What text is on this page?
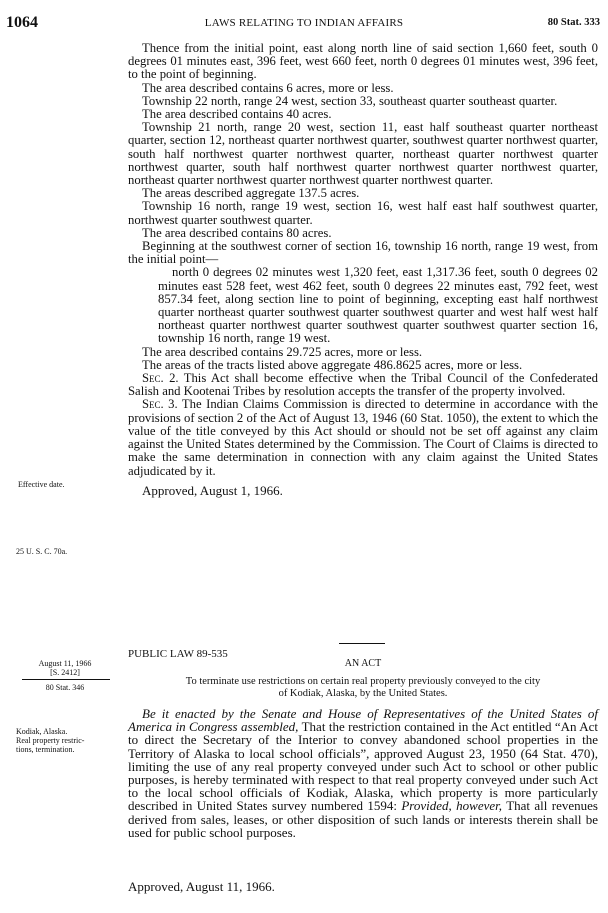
1064	LAWS RELATING TO INDIAN AFFAIRS	80 Stat. 333

Thence from the initial point, east along north line of said section 1,660 feet, south 0 degrees 01 minutes east, 396 feet, west 660 feet, north 0 degrees 01 minutes west, 396 feet, to the point of beginning.

The area described contains 6 acres, more or less.

Township 22 north, range 24 west, section 33, southeast quarter southeast quarter.

The area described contains 40 acres.

Township 21 north, range 20 west, section 11, east half southeast quarter northeast quarter, section 12, northeast quarter northwest quarter, southwest quarter northwest quarter, south half northwest quarter northwest quarter, northeast quarter northwest quarter northwest quarter, south half northwest quarter northwest quarter northwest quarter, northeast quarter northwest quarter northwest quarter northwest quarter.

The areas described aggregate 137.5 acres.

Township 16 north, range 19 west, section 16, west half east half southwest quarter, northwest quarter southwest quarter.

The area described contains 80 acres.

Beginning at the southwest corner of section 16, township 16 north, range 19 west, from the initial point—

north 0 degrees 02 minutes west 1,320 feet, east 1,317.36 feet, south 0 degrees 02 minutes east 528 feet, west 462 feet, south 0 degrees 22 minutes east, 792 feet, west 857.34 feet, along section line to point of beginning, excepting east half northwest quarter northeast quarter southwest quarter southwest quarter and west half west half northeast quarter northwest quarter southwest quarter southwest quarter section 16, township 16 north, range 19 west.

The area described contains 29.725 acres, more or less.

The areas of the tracts listed above aggregate 486.8625 acres, more or less.

Sec. 2. This Act shall become effective when the Tribal Council of the Confederated Salish and Kootenai Tribes by resolution accepts the transfer of the property involved.

Sec. 3. The Indian Claims Commission is directed to determine in accordance with the provisions of section 2 of the Act of August 13, 1946 (60 Stat. 1050), the extent to which the value of the title conveyed by this Act should or should not be set off against any claim against the United States determined by the Commission. The Court of Claims is directed to make the same determination in connection with any claim against the United States adjudicated by it.

Approved, August 1, 1966.

Effective date.
25 U. S. C. 70a.
PUBLIC LAW 89-535
AN ACT
To terminate use restrictions on certain real property previously conveyed to the city
of Kodiak, Alaska, by the United States.
August 11, 1966
[S. 2412]
80 Stat. 346
Kodiak, Alaska.
Real property restric-
tions, termination.

Be it enacted by the Senate and House of Representatives of the United States of America in Congress assembled, That the restriction contained in the Act entitled “An Act to direct the Secretary of the Interior to convey abandoned school properties in the Territory of Alaska to local school officials”, approved August 23, 1950 (64 Stat. 470), limiting the use of any real property conveyed under such Act to school or other public purposes, is hereby terminated with respect to that real property conveyed under such Act to the local school officials of Kodiak, Alaska, which property is more particularly described in United States survey numbered 1594: Provided, however, That all revenues derived from sales, leases, or other disposition of such lands or interests therein shall be used for public school purposes.

Approved, August 11, 1966.
